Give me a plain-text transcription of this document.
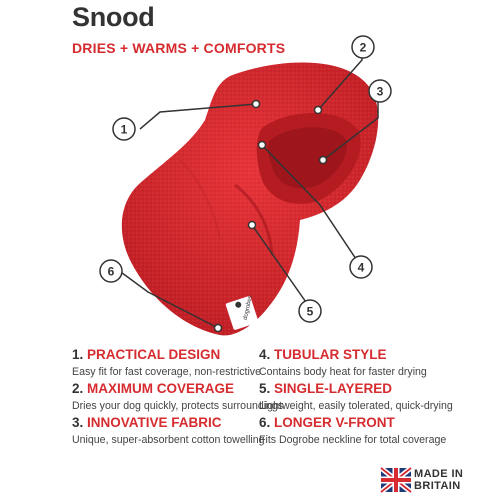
Snood
DRIES + WARMS + COMFORTS
dogrobes
1
2
3
4
5
6
1. PRACTICAL DESIGN
Easy fit for fast coverage, non-restrictive
2. MAXIMUM COVERAGE
Dries your dog quickly, protects surroundings
3. INNOVATIVE FABRIC
Unique, super-absorbent cotton towelling
4. TUBULAR STYLE
Contains body heat for faster drying
5. SINGLE-LAYERED
Lightweight, easily tolerated, quick-drying
6. LONGER V-FRONT
Fits Dogrobe neckline for total coverage
MADE IN
BRITAIN
